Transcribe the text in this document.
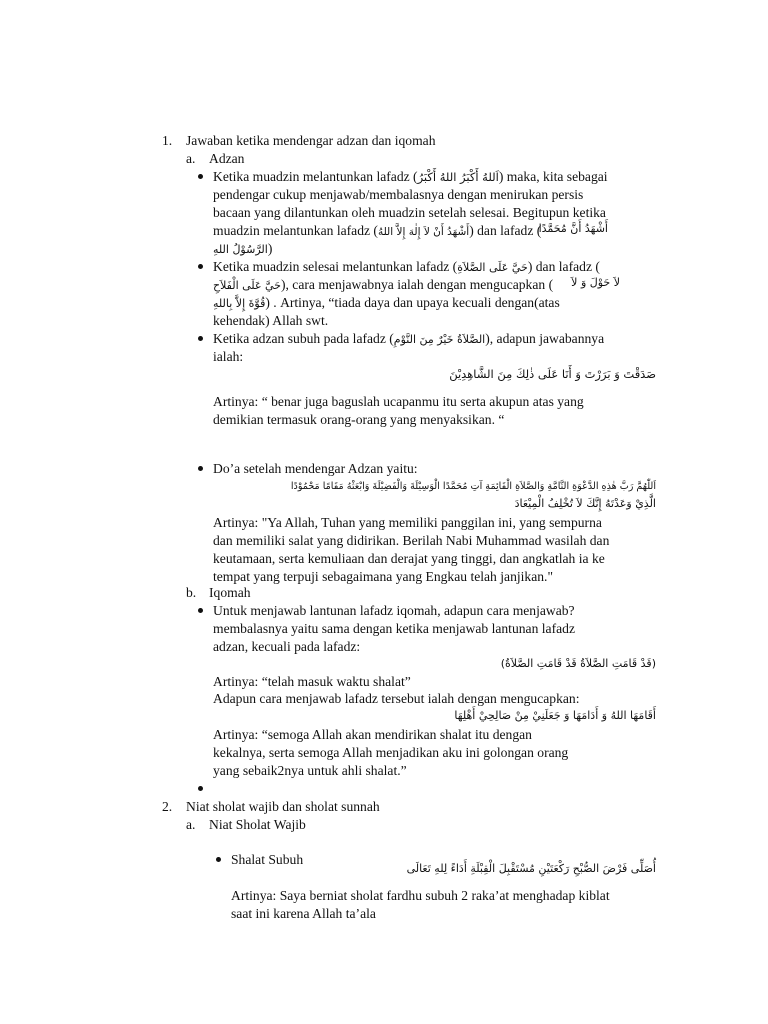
1. Jawaban ketika mendengar adzan dan iqomah
a. Adzan
Ketika muadzin melantunkan lafadz (اَللهُ أَكْبَرُ اللهُ أَكْبَرُ) maka, kita sebagai
pendengar cukup menjawab/membalasnya dengan menirukan persis
bacaan yang dilantunkan oleh muadzin setelah selesai. Begitupun ketika
muadzin melantunkan lafadz (أَشْهَدُ أَنْ لاَ إِلٰهَ إِلاَّ اللهُ) dan lafadz (
أَشْهَدُ أَنَّ مُحَمَّدًا
الرَّسُوْلُ اللهِ)
Ketika muadzin selesai melantunkan lafadz (حَيَّ عَلَى الصَّلاَةِ) dan lafadz (
حَيَّ عَلَى الْفَلاَحِ), cara menjawabnya ialah dengan mengucapkan ( لاَ حَوْلَ وَ لاَ
قُوَّةَ إِلاَّ بِاللهِ) . Artinya, “tiada daya dan upaya kecuali dengan(atas
kehendak) Allah swt.
Ketika adzan subuh pada lafadz (الصَّلاَةُ خَيْرٌ مِنَ النَّوْمِ), adapun jawabannya
ialah:
صَدَقْتَ وَ بَرَرْتَ وَ أَنَا عَلَى ذٰلِكَ مِنَ الشَّاهِدِيْنَ
Artinya: “ benar juga baguslah ucapanmu itu serta akupun atas yang
demikian termasuk orang-orang yang menyaksikan. “
Do’a setelah mendengar Adzan yaitu:
اَللّٰهُمَّ رَبَّ هٰذِهِ الدَّعْوَةِ التَّامَّةِ وَالصَّلاَةِ الْقَائِمَةِ آتِ مُحَمَّدًا الْوَسِيْلَةَ وَالْفَضِيْلَةَ وَابْعَثْهُ مَقَامًا مَحْمُوْدًا
الَّذِيْ وَعَدْتَهُ إِنَّكَ لاَ تُخْلِفُ الْمِيْعَادَ
Artinya: "Ya Allah, Tuhan yang memiliki panggilan ini, yang sempurna
dan memiliki salat yang didirikan. Berilah Nabi Muhammad wasilah dan
keutamaan, serta kemuliaan dan derajat yang tinggi, dan angkatlah ia ke
tempat yang terpuji sebagaimana yang Engkau telah janjikan."
b. Iqomah
Untuk menjawab lantunan lafadz iqomah, adapun cara menjawab?
membalasnya yaitu sama dengan ketika menjawab lantunan lafadz
adzan, kecuali pada lafadz:
(قَدْ قَامَتِ الصَّلاَةُ قَدْ قَامَتِ الصَّلاَةُ)
Artinya: “telah masuk waktu shalat”
Adapun cara menjawab lafadz tersebut ialah dengan mengucapkan:
أَقَامَهَا اللهُ وَ أَدَامَهَا وَ جَعَلَنِيْ مِنْ صَالِحِيْ أَهْلِهَا
Artinya: “semoga Allah akan mendirikan shalat itu dengan
kekalnya, serta semoga Allah menjadikan aku ini golongan orang
yang sebaik2nya untuk ahli shalat.”
2. Niat sholat wajib dan sholat sunnah
a. Niat Sholat Wajib
Shalat Subuh
أُصَلِّى فَرْضَ الصُّبْحِ رَكْعَتَيْنِ مُسْتَقْبِلَ الْقِبْلَةِ أَدَاءً لِلهِ تَعَالَى
Artinya: Saya berniat sholat fardhu subuh 2 raka’at menghadap kiblat
saat ini karena Allah ta’ala
